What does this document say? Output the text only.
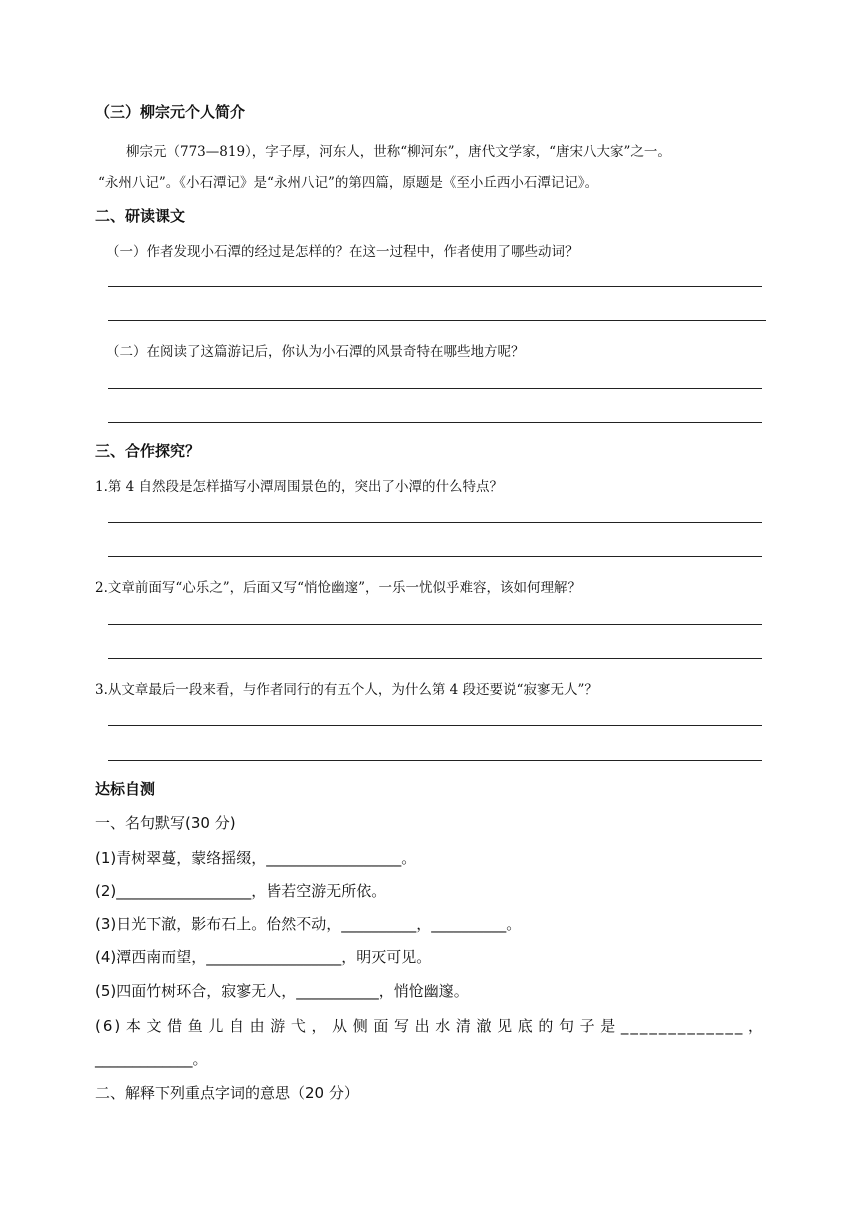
（三）柳宗元个人简介
柳宗元（773—819），字子厚，河东人，世称“柳河东”，唐代文学家，“唐宋八大家”之一。
“永州八记”。《小石潭记》是“永州八记”的第四篇，原题是《至小丘西小石潭记记》。
二、研读课文
（一）作者发现小石潭的经过是怎样的？在这一过程中，作者使用了哪些动词？
（二）在阅读了这篇游记后，你认为小石潭的风景奇特在哪些地方呢？
三、合作探究？
1.第 4 自然段是怎样描写小潭周围景色的，突出了小潭的什么特点？
2.文章前面写“心乐之”，后面又写“悄怆幽邃”，一乐一忧似乎难容，该如何理解？
3.从文章最后一段来看，与作者同行的有五个人，为什么第 4 段还要说“寂寥无人”？
达标自测
一、名句默写(30 分)
(1)青树翠蔓，蒙络摇缀，__________________。
(2)__________________，皆若空游无所依。
(3)日光下澈，影布石上。佁然不动，__________，__________。
(4)潭西南而望，__________________，明灭可见。
(5)四面竹树环合，寂寥无人，___________，悄怆幽邃。
(6)本文借鱼儿自由游弋，从侧面写出水清澈见底的句子是_____________，
_____________。
二、解释下列重点字词的意思（20 分）
